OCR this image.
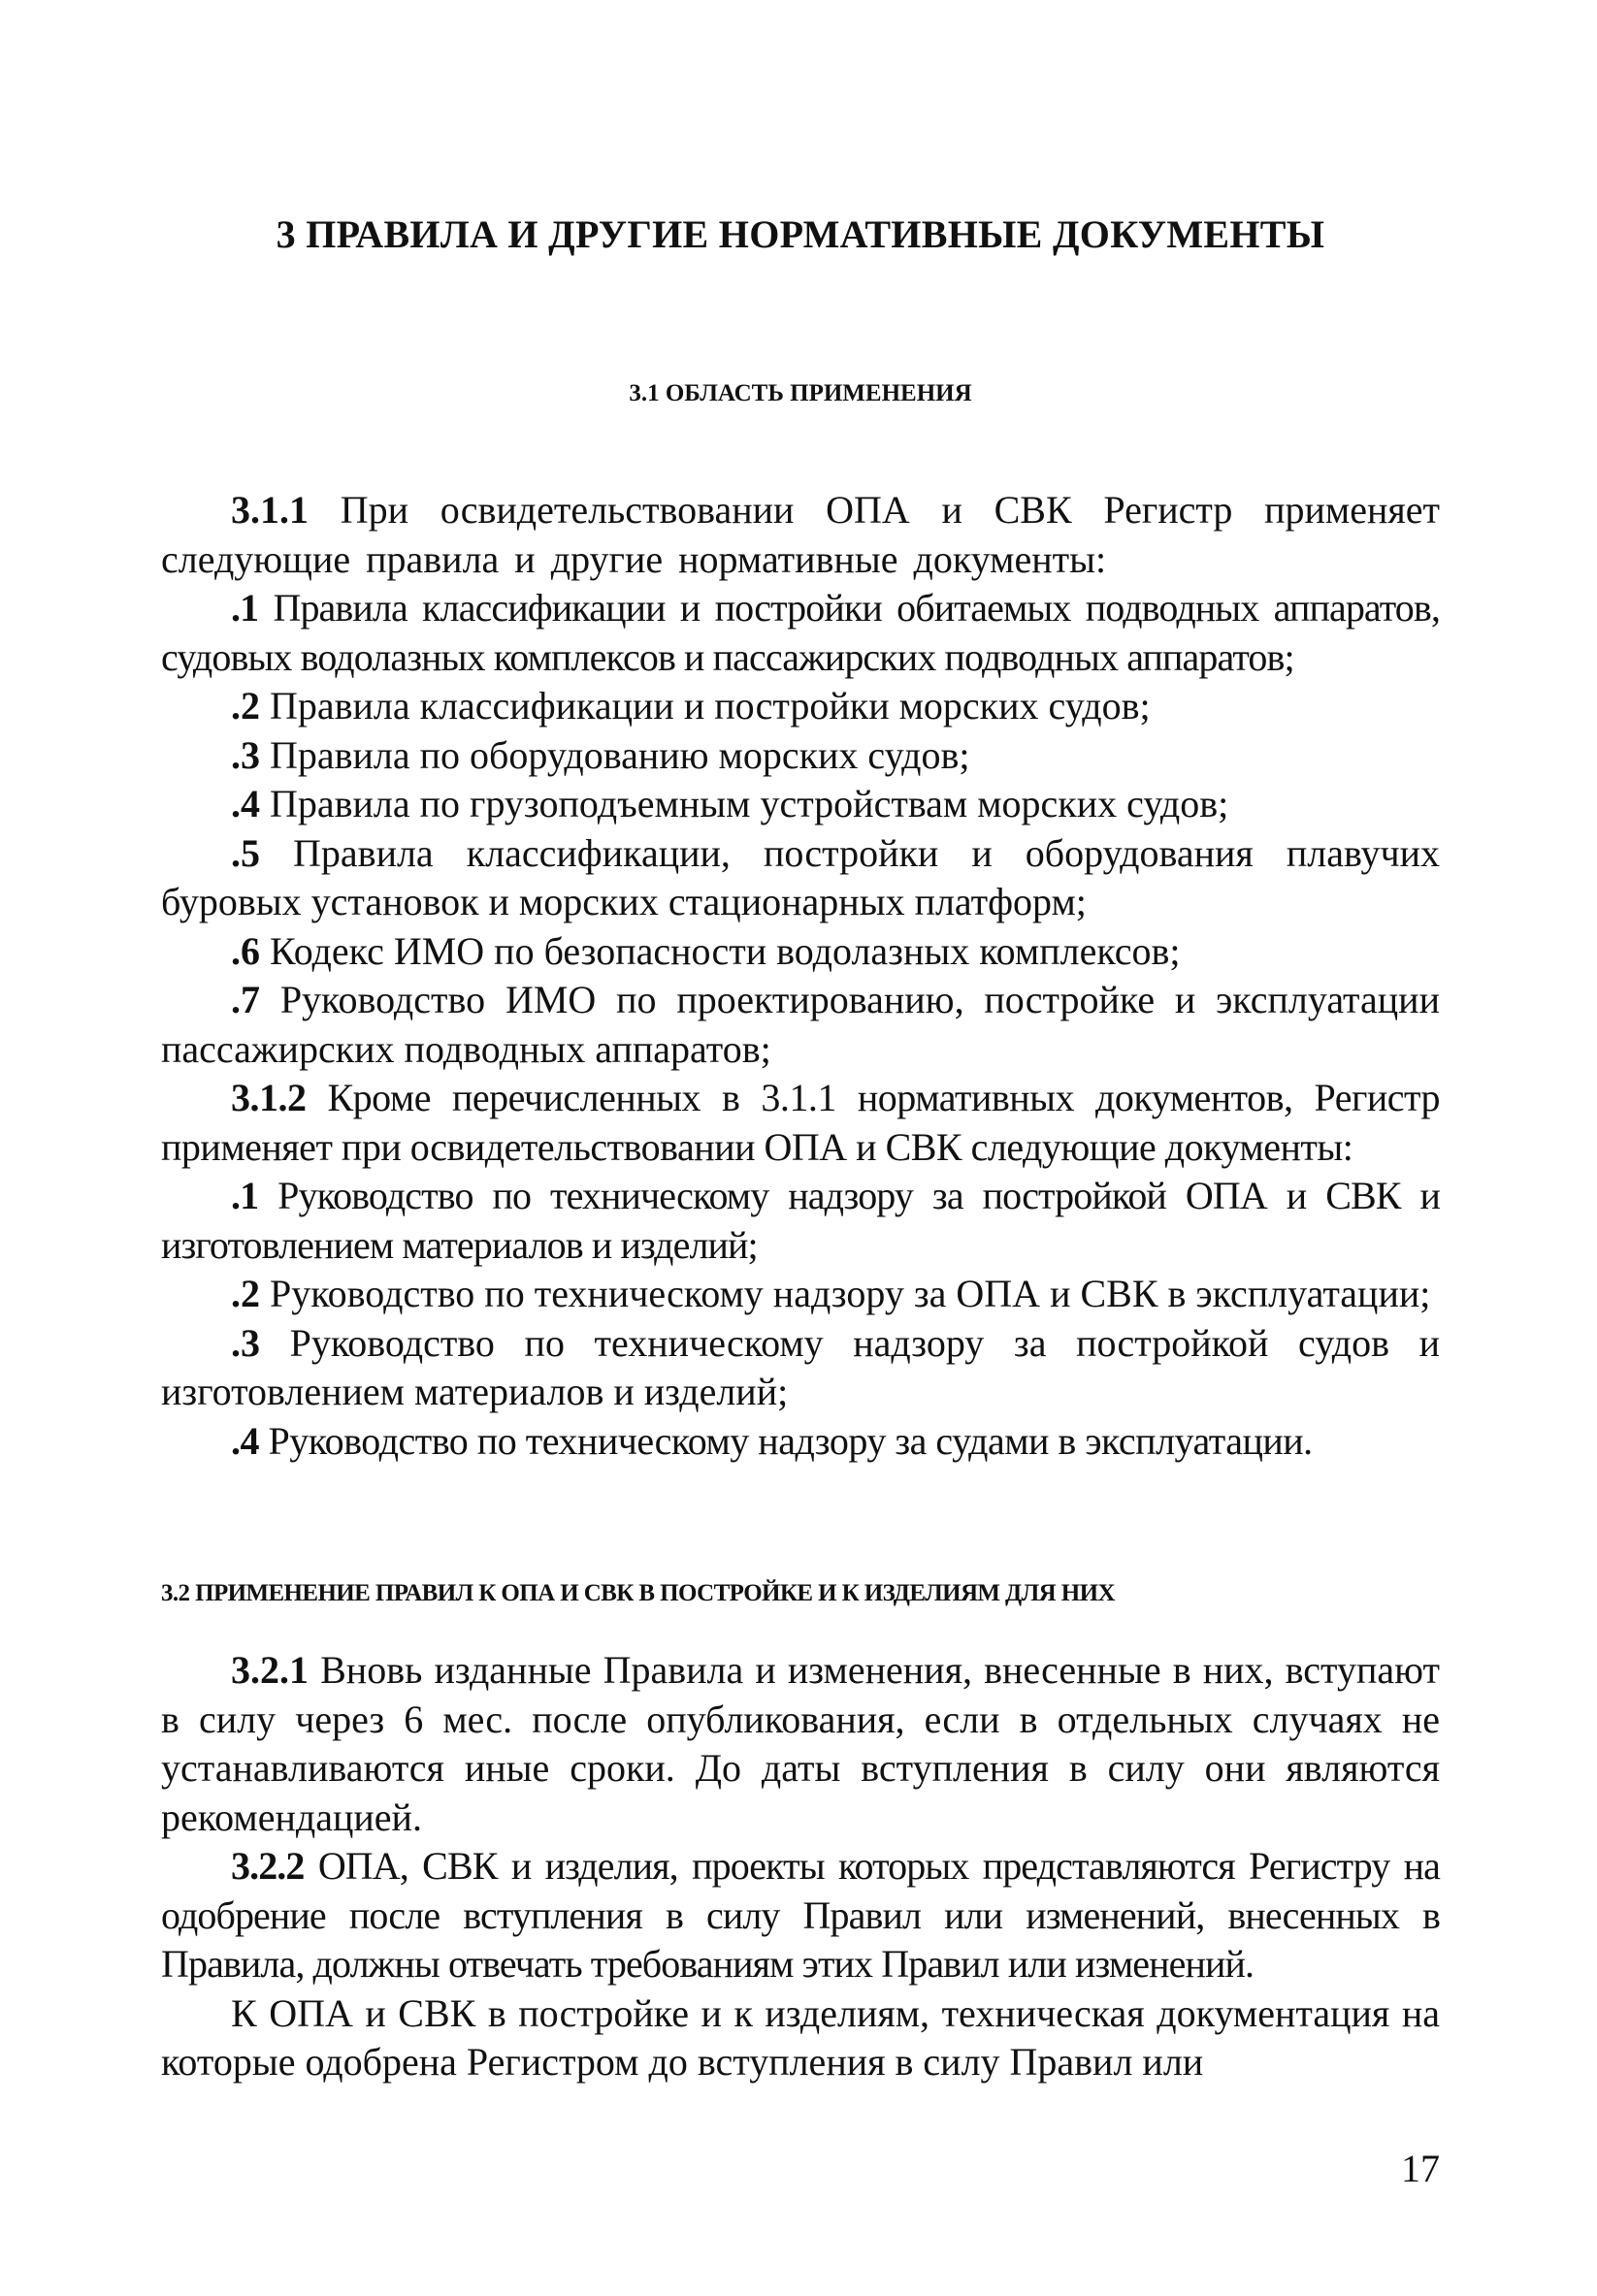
3 ПРАВИЛА И ДРУГИЕ НОРМАТИВНЫЕ ДОКУМЕНТЫ
3.1 ОБЛАСТЬ ПРИМЕНЕНИЯ

3.1.1 При освидетельствовании ОПА и СВК Регистр применяет следующие правила и другие нормативные документы:

.1 Правила классификации и постройки обитаемых подводных аппаратов, судовых водолазных комплексов и пассажирских подводных аппаратов;

.2 Правила классификации и постройки морских судов;

.3 Правила по оборудованию морских судов;

.4 Правила по грузоподъемным устройствам морских судов;

.5 Правила классификации, постройки и оборудования плавучих буровых установок и морских стационарных платформ;

.6 Кодекс ИМО по безопасности водолазных комплексов;

.7 Руководство ИМО по проектированию, постройке и эксплуатации пассажирских подводных аппаратов;

3.1.2 Кроме перечисленных в 3.1.1 нормативных документов, Регистр применяет при освидетельствовании ОПА и СВК следующие документы:

.1 Руководство по техническому надзору за постройкой ОПА и СВК и изготовлением материалов и изделий;

.2 Руководство по техническому надзору за ОПА и СВК в эксплуатации;

.3 Руководство по техническому надзору за постройкой судов и изготовлением материалов и изделий;

.4 Руководство по техническому надзору за судами в эксплуатации.

3.2 ПРИМЕНЕНИЕ ПРАВИЛ К ОПА И СВК В ПОСТРОЙКЕ И К ИЗДЕЛИЯМ ДЛЯ НИХ

3.2.1 Вновь изданные Правила и изменения, внесенные в них, вступают в силу через 6 мес. после опубликования, если в отдельных случаях не устанавливаются иные сроки. До даты вступления в силу они являются рекомендацией.

3.2.2 ОПА, СВК и изделия, проекты которых представляются Регистру на одобрение после вступления в силу Правил или изменений, внесенных в Правила, должны отвечать требованиям этих Правил или изменений.

К ОПА и СВК в постройке и к изделиям, техническая документация на которые одобрена Регистром до вступления в силу Правил или

17
